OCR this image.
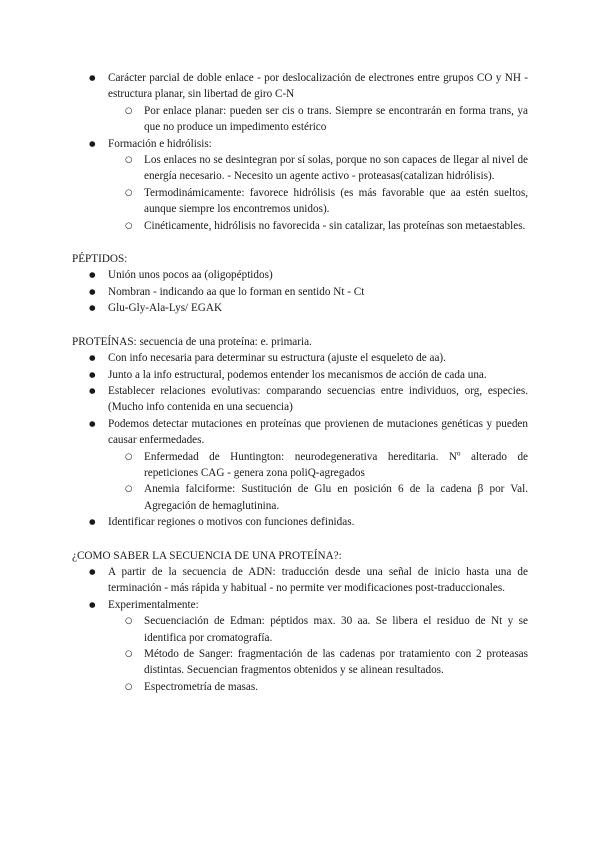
● Carácter parcial de doble enlace - por deslocalización de electrones entre grupos CO y NH - estructura planar, sin libertad de giro C-N
○ Por enlace planar: pueden ser cis o trans. Siempre se encontrarán en forma trans, ya que no produce un impedimento estérico
● Formación e hidrólisis:
○ Los enlaces no se desintegran por sí solas, porque no son capaces de llegar al nivel de energía necesario. - Necesito un agente activo - proteasas(catalizan hidrólisis).
○ Termodinámicamente: favorece hidrólisis (es más favorable que aa estén sueltos, aunque siempre los encontremos unidos).
○ Cinéticamente, hidrólisis no favorecida - sin catalizar, las proteínas son metaestables.

PÉPTIDOS:

● Unión unos pocos aa (oligopéptidos)
● Nombran - indicando aa que lo forman en sentido Nt - Ct
● Glu-Gly-Ala-Lys/ EGAK

PROTEÍNAS: secuencia de una proteína: e. primaria.

● Con info necesaria para determinar su estructura (ajuste el esqueleto de aa).
● Junto a la info estructural, podemos entender los mecanismos de acción de cada una.
● Establecer relaciones evolutivas: comparando secuencias entre individuos, org, especies.(Mucho info contenida en una secuencia)
● Podemos detectar mutaciones en proteínas que provienen de mutaciones genéticas y pueden causar enfermedades.
○ Enfermedad de Huntington: neurodegenerativa hereditaria. Nº alterado de repeticiones CAG - genera zona poliQ-agregados
○ Anemia falciforme: Sustitución de Glu en posición 6 de la cadena β por Val. Agregación de hemaglutinina.
● Identificar regiones o motivos con funciones definidas.

¿COMO SABER LA SECUENCIA DE UNA PROTEÍNA?:

● A partir de la secuencia de ADN: traducción desde una señal de inicio hasta una de terminación - más rápida y habitual - no permite ver modificaciones post-traduccionales.
● Experimentalmente:
○ Secuenciación de Edman: péptidos max. 30 aa. Se libera el residuo de Nt y se identifica por cromatografía.
○ Método de Sanger: fragmentación de las cadenas por tratamiento con 2 proteasas distintas. Secuencian fragmentos obtenidos y se alinean resultados.
○ Espectrometría de masas.
